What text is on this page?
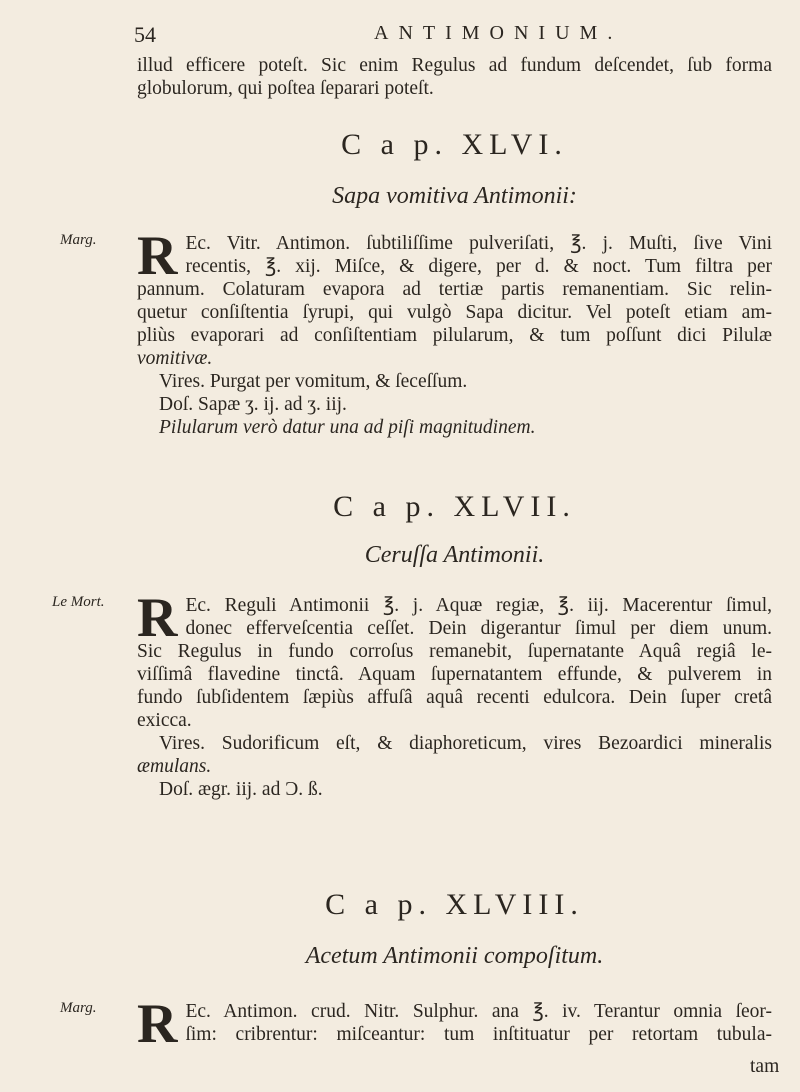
54	ANTIMONIUM.
illud efficere poteſt. Sic enim Regulus ad fundum deſcendet, ſub forma
globulorum, qui poſtea ſeparari poteſt.
C a p. XLVI.
Sapa vomitiva Antimonii:
Marg. R Ec. Vitr. Antimon. ſubtiliſſime pulveriſati, ℥. j. Muſti, ſive Vini
recentis, ℥. xij. Miſce, & digere, per d. & noct. Tum filtra per
pannum. Colaturam evapora ad tertiæ partis remanentiam. Sic relin-
quetur conſiſtentia ſyrupi, qui vulgò Sapa dicitur. Vel poteſt etiam am-
pliùs evaporari ad conſiſtentiam pilularum, & tum poſſunt dici Pilulæ
vomitivæ.
Vires. Purgat per vomitum, & ſeceſſum.
Doſ. Sapæ ʒ. ij. ad ʒ. iij.
Pilularum verò datur una ad piſi magnitudinem.
C a p. XLVII.
Ceruſſa Antimonii.
Le Mort. R Ec. Reguli Antimonii ℥. j. Aquæ regiæ, ℥. iij. Macerentur ſimul,
donec efferveſcentia ceſſet. Dein digerantur ſimul per diem unum.
Sic Regulus in fundo corroſus remanebit, ſupernatante Aquâ regiâ le-
viſſimâ flavedine tinctâ. Aquam ſupernatantem effunde, & pulverem in
fundo ſubſidentem ſæpiùs affuſâ aquâ recenti edulcora. Dein ſuper cretâ
exicca.
Vires. Sudorificum eſt, & diaphoreticum, vires Bezoardici mineralis
æmulans.
Doſ. ægr. iij. ad Ɔ. ß.
C a p. XLVIII.
Acetum Antimonii compoſitum.
Marg. R Ec. Antimon. crud. Nitr. Sulphur. ana ℥. iv. Terantur omnia ſeor-
ſim: cribrentur: miſceantur: tum inſtituatur per retortam tubula-
tam
